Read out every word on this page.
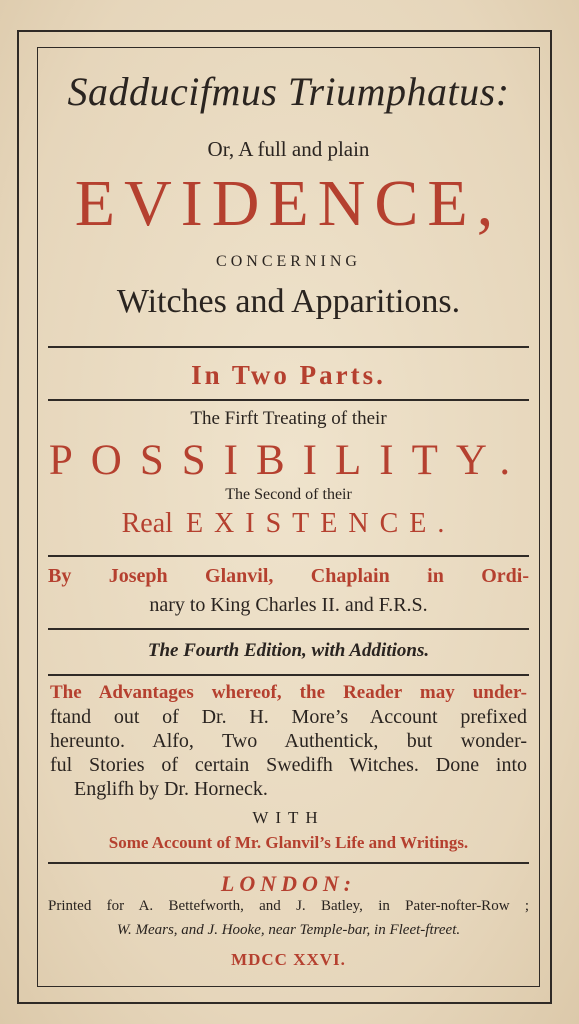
Sadducifmus Triumphatus:
Or, A full and plain
EVIDENCE,
CONCERNING
Witches and Apparitions.
In Two Parts.
The Firft Treating of their
POSSIBILITY.
The Second of their
Real EXISTENCE.
By Joseph Glanvil, Chaplain in Ordi-
nary to King Charles II. and F.R.S.
The Fourth Edition, with Additions.
The Advantages whereof, the Reader may under-
ftand out of Dr. H. More’s Account prefixed
hereunto. Alfo, Two Authentick, but wonder-
ful Stories of certain Swedifh Witches. Done into
Englifh by Dr. Horneck.
WITH
Some Account of Mr. Glanvil’s Life and Writings.
LONDON:
Printed for A. Bettefworth, and J. Batley, in Pater-nofter-Row ;
W. Mears, and J. Hooke, near Temple-bar, in Fleet-ftreet.
MDCC XXVI.
